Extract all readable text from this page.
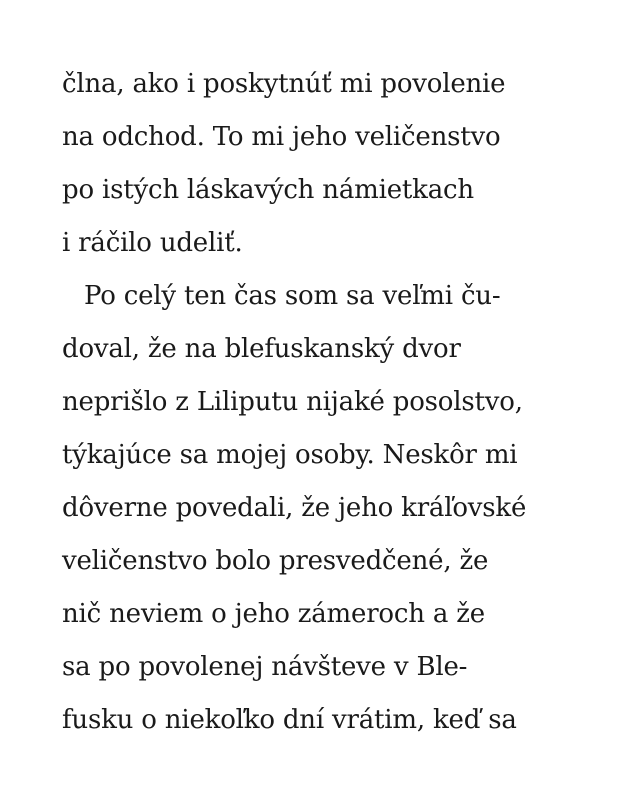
člna, ako i poskytnúť mi povolenie
na odchod. To mi jeho veličenstvo
po istých láskavých námietkach
i ráčilo udeliť.
Po celý ten čas som sa veľmi ču-
doval, že na blefuskanský dvor
neprišlo z Liliputu nijaké posolstvo,
týkajúce sa mojej osoby. Neskôr mi
dôverne povedali, že jeho kráľovské
veličenstvo bolo presvedčené, že
nič neviem o jeho zámeroch a že
sa po povolenej návšteve v Ble-
fusku o niekoľko dní vrátim, keď sa
